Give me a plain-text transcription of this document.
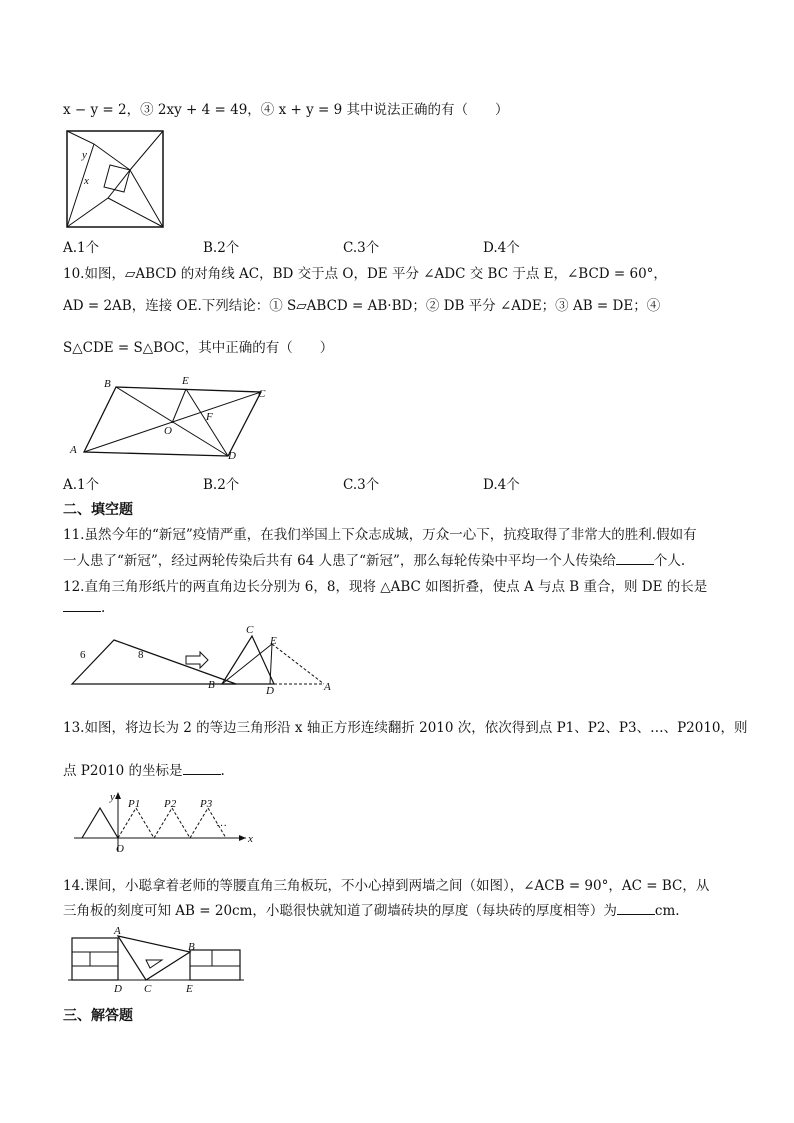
x − y = 2，③ 2xy + 4 = 49，④ x + y = 9 其中说法正确的有（　　）
y
x
A.1个	B.2个	C.3个	D.4个
10.如图，▱ABCD 的对角线 AC，BD 交于点 O，DE 平分 ∠ADC 交 BC 于点 E，∠BCD = 60°，
AD = 2AB，连接 OE.下列结论：① S▱ABCD = AB·BD；② DB 平分 ∠ADE；③ AB = DE；④
S△CDE = S△BOC，其中正确的有（　　）
B	E
C
O
F
A	D
A.1个	B.2个	C.3个	D.4个
二、填空题
11.虽然今年的“新冠”疫情严重，在我们举国上下众志成城，万众一心下，抗疫取得了非常大的胜利.假如有
一人患了“新冠”，经过两轮传染后共有 64 人患了“新冠”，那么每轮传染中平均一个人传染给	个人.
12.直角三角形纸片的两直角边长分别为 6，8，现将 △ABC 如图折叠，使点 A 与点 B 重合，则 DE 的长是
.
6	8
C
E
B	D	A
13.如图，将边长为 2 的等边三角形沿 x 轴正方形连续翻折 2010 次，依次得到点 P1、P2、P3、…、P2010，则
点 P2010 的坐标是	.
y
x
O
P1 P2 P3
…
14.课间，小聪拿着老师的等腰直角三角板玩，不小心掉到两墙之间（如图），∠ACB = 90°，AC = BC，从
三角板的刻度可知 AB = 20cm，小聪很快就知道了砌墙砖块的厚度（每块砖的厚度相等）为	cm.
A
B
D C	E
三、解答题
